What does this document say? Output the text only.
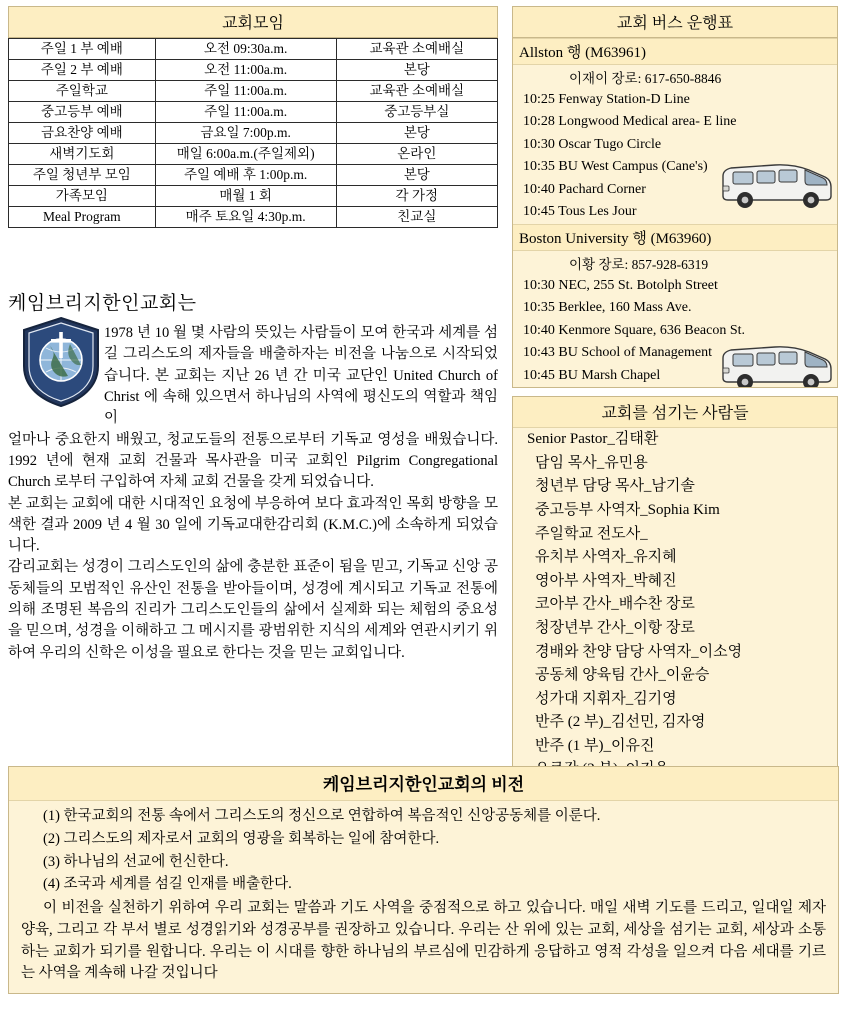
교회모임
주일 1 부 예배	오전 09:30a.m.	교육관 소예배실
주일 2 부 예배	오전 11:00a.m.	본당
주일학교	주일 11:00a.m.	교육관 소예배실
중고등부 예배	주일 11:00a.m.	중고등부실
금요찬양 예배	금요일 7:00p.m.	본당
새벽기도회	매일 6:00a.m.(주일제외)	온라인
주일 청년부 모임	주일 예배 후 1:00p.m.	본당
가족모임	매월 1 회	각 가정
Meal Program	매주 토요일 4:30p.m.	친교실
케임브리지한인교회는

1978 년 10 월 몇 사람의 뜻있는 사람들이 모여 한국과 세계를 섬길 그리스도의 제자들을 배출하자는 비전을 나눔으로 시작되었습니다. 본 교회는 지난 26 년 간 미국 교단인 United Church of Christ 에 속해 있으면서 하나님의 사역에 평신도의 역할과 책임이

얼마나 중요한지 배웠고, 청교도들의 전통으로부터 기독교 영성을 배웠습니다. 1992 년에 현재 교회 건물과 목사관을 미국 교회인 Pilgrim Congregational Church 로부터 구입하여 자체 교회 건물을 갖게 되었습니다.

본 교회는 교회에 대한 시대적인 요청에 부응하여 보다 효과적인 목회 방향을 모색한 결과 2009 년 4 월 30 일에 기독교대한감리회 (K.M.C.)에 소속하게 되었습니다.

감리교회는 성경이 그리스도인의 삶에 충분한 표준이 됨을 믿고, 기독교 신앙 공동체들의 모범적인 유산인 전통을 받아들이며, 성경에 계시되고 기독교 전통에 의해 조명된 복음의 진리가 그리스도인들의 삶에서 실제화 되는 체험의 중요성을 믿으며, 성경을 이해하고 그 메시지를 광범위한 지식의 세계와 연관시키기 위하여 우리의 신학은 이성을 필요로 한다는 것을 믿는 교회입니다.

교회 버스 운행표
Allston 행 (M63961)
이재이 장로: 617-650-8846
10:25 Fenway Station-D Line
10:28 Longwood Medical area- E line
10:30 Oscar Tugo Circle
10:35 BU West Campus (Cane's)
10:40 Pachard Corner
10:45 Tous Les Jour
Boston University 행 (M63960)
이황 장로: 857-928-6319
10:30 NEC, 255 St. Botolph Street
10:35 Berklee, 160 Mass Ave.
10:40 Kenmore Square, 636 Beacon St.
10:43 BU School of Management
10:45 BU Marsh Chapel
교회를 섬기는 사람들
Senior Pastor_김태환
담임 목사_유민용
청년부 담당 목사_남기솔
중고등부 사역자_Sophia Kim
주일학교 전도사_
유치부 사역자_유지혜
영아부 사역자_박혜진
코아부 간사_배수찬 장로
청장년부 간사_이항 장로
경배와 찬양 담당 사역자_이소영
공동체 양육팀 간사_이윤승
성가대 지휘자_김기영
반주 (2 부)_김선민, 김자영
반주 (1 부)_이유진
케임브리지한인교회의 비전
(1) 한국교회의 전통 속에서 그리스도의 정신으로 연합하여 복음적인 신앙공동체를 이룬다.
(2) 그리스도의 제자로서 교회의 영광을 회복하는 일에 참여한다.
(3) 하나님의 선교에 헌신한다.
(4) 조국과 세계를 섬길 인재를 배출한다.

이 비전을 실천하기 위하여 우리 교회는 말씀과 기도 사역을 중점적으로 하고 있습니다. 매일 새벽 기도를 드리고, 일대일 제자 양육, 그리고 각 부서 별로 성경읽기와 성경공부를 권장하고 있습니다. 우리는 산 위에 있는 교회, 세상을 섬기는 교회, 세상과 소통하는 교회가 되기를 원합니다. 우리는 이 시대를 향한 하나님의 부르심에 민감하게 응답하고 영적 각성을 일으켜 다음 세대를 기르는 사역을 계속해 나갈 것입니다
